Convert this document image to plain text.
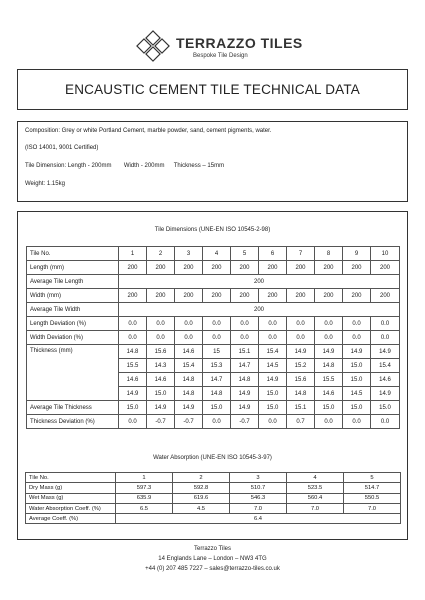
TERRAZZO TILES
Bespoke Tile Design
ENCAUSTIC CEMENT TILE TECHNICAL DATA
Composition: Grey or white Portland Cement, marble powder, sand, cement pigments, water.
(ISO 14001, 9001 Certified)
Tile Dimension: Length - 200mm Width - 200mm Thickness – 15mm
Weight: 1.15kg
Tile Dimensions (UNE-EN ISO 10545-2-98)
Tile No.	1	2	3	4	5	6	7	8	9	10
Length (mm)	200	200	200	200	200	200	200	200	200	200
Average Tile Length	200									
Width (mm)	200	200	200	200	200	200	200	200	200	200
Average Tile Width	200									
Length Deviation (%)	0.0	0.0	0.0	0.0	0.0	0.0	0.0	0.0	0.0	0.0
Width Deviation (%)	0.0	0.0	0.0	0.0	0.0	0.0	0.0	0.0	0.0	0.0
Thickness (mm)	14.8	15.6	14.6	15	15.1	15.4	14.9	14.9	14.9	14.9
	15.5	14.3	15.4	15.3	14.7	14.5	15.2	14.8	15.0	15.4
	14.6	14.6	14.8	14.7	14.8	14.9	15.6	15.5	15.0	14.6
	14.9	15.0	14.8	14.8	14.9	15.0	14.8	14.6	14.5	14.9
Average Tile Thickness	15.0	14.9	14.9	15.0	14.9	15.0	15.1	15.0	15.0	15.0
Thickness Deviation (%)	0.0	-0.7	-0.7	0.0	-0.7	0.0	0.7	0.0	0.0	0.0
Water Absorption (UNE-EN ISO 10545-3-97)
Tile No.	1	2	3	4	5
Dry Mass (g)	597.3	592.8	510.7	523.5	514.7
Wet Mass (g)	635.9	619.6	546.3	560.4	550.5
Water Absorption Coeff. (%)	6.5	4.5	7.0	7.0	7.0
Average Coeff. (%)	6.4				
Terrazzo Tiles
14 Englands Lane – London – NW3 4TG
+44 (0) 207 485 7227 – sales@terrazzo-tiles.co.uk
